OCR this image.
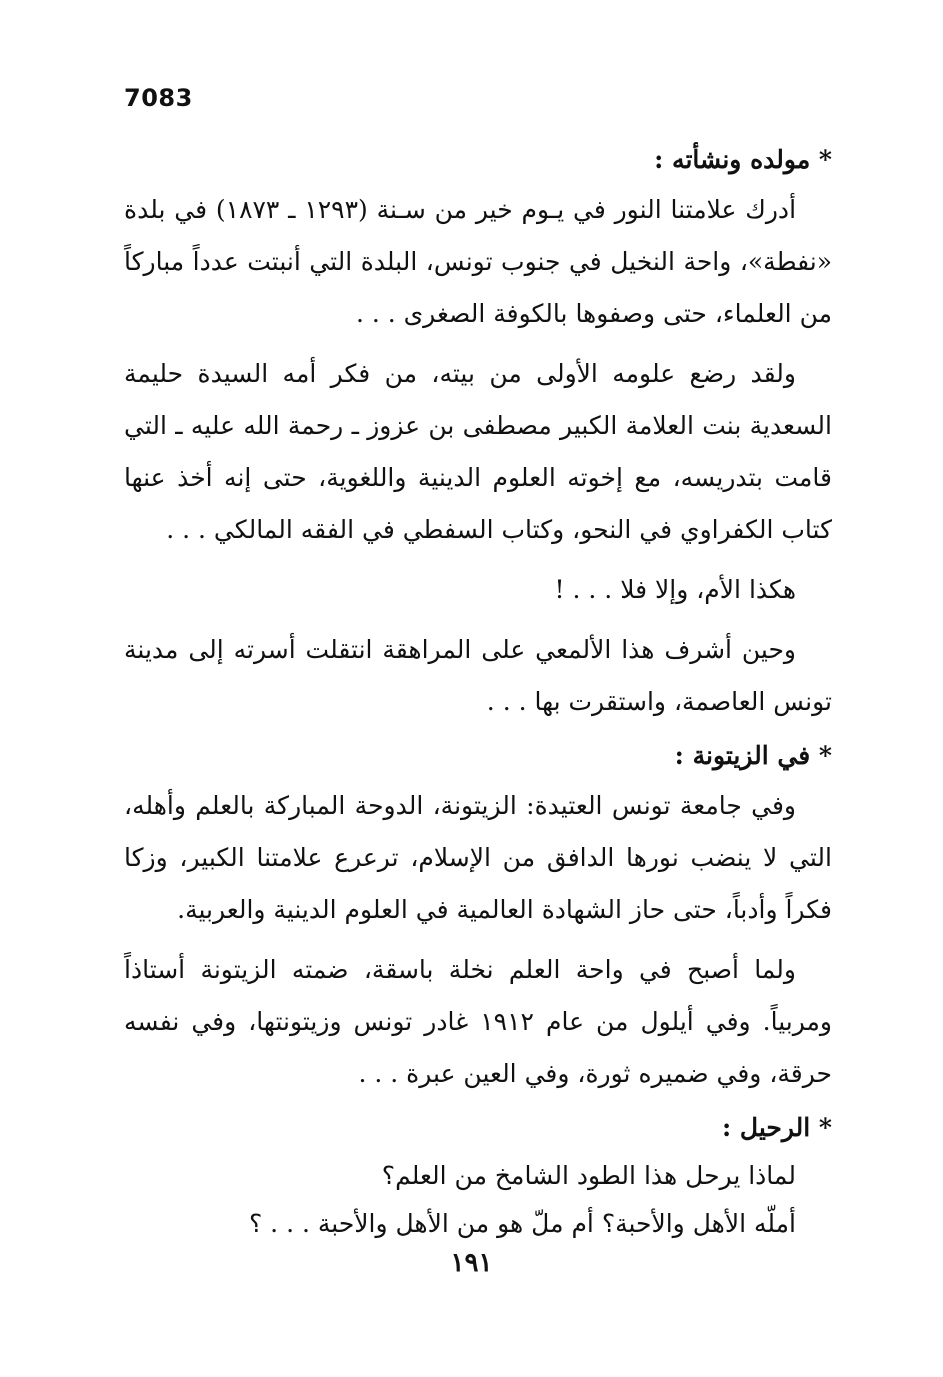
7083

* مولده ونشأته :

أدرك علامتنا النور في يـوم خير من سـنة (١٢٩٣ ـ ١٨٧٣) في بلدة «نفطة»، واحة النخيل في جنوب تونس، البلدة التي أنبتت عدداً مباركاً من العلماء، حتى وصفوها بالكوفة الصغرى . . .

ولقد رضع علومه الأولى من بيته، من فكر أمه السيدة حليمة السعدية بنت العلامة الكبير مصطفى بن عزوز ـ رحمة الله عليه ـ التي قامت بتدريسه، مع إخوته العلوم الدينية واللغوية، حتى إنه أخذ عنها كتاب الكفراوي في النحو، وكتاب السفطي في الفقه المالكي . . .

هكذا الأم، وإلا فلا . . . !

وحين أشرف هذا الألمعي على المراهقة انتقلت أسرته إلى مدينة تونس العاصمة، واستقرت بها . . .

* في الزيتونة :

وفي جامعة تونس العتيدة: الزيتونة، الدوحة المباركة بالعلم وأهله، التي لا ينضب نورها الدافق من الإسلام، ترعرع علامتنا الكبير، وزكا فكراً وأدباً، حتى حاز الشهادة العالمية في العلوم الدينية والعربية.

ولما أصبح في واحة العلم نخلة باسقة، ضمته الزيتونة أستاذاً ومربياً. وفي أيلول من عام ١٩١٢ غادر تونس وزيتونتها، وفي نفسه حرقة، وفي ضميره ثورة، وفي العين عبرة . . .

* الرحيل :

لماذا يرحل هذا الطود الشامخ من العلم؟

أملّه الأهل والأحبة؟ أم ملّ هو من الأهل والأحبة . . . ؟

١٩١
